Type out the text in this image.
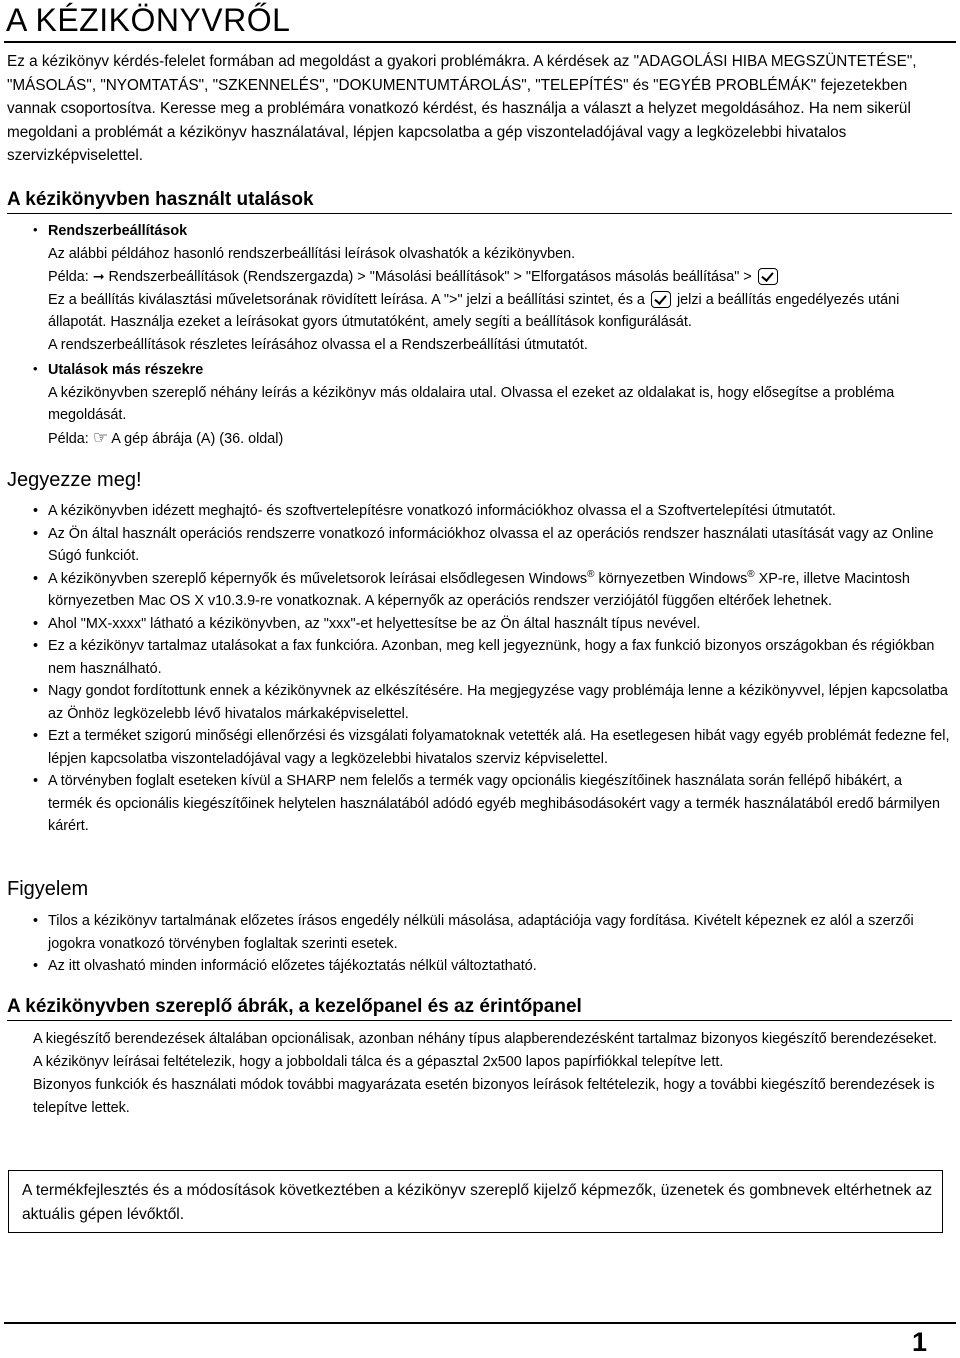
A KÉZIKÖNYVRŐL

Ez a kézikönyv kérdés-felelet formában ad megoldást a gyakori problémákra. A kérdések az "ADAGOLÁSI HIBA MEGSZÜNTETÉSE", "MÁSOLÁS", "NYOMTATÁS", "SZKENNELÉS", "DOKUMENTUMTÁROLÁS", "TELEPÍTÉS" és "EGYÉB PROBLÉMÁK" fejezetekben vannak csoportosítva. Keresse meg a problémára vonatkozó kérdést, és használja a választ a helyzet megoldásához. Ha nem sikerül megoldani a problémát a kézikönyv használatával, lépjen kapcsolatba a gép viszonteladójával vagy a legközelebbi hivatalos szervizképviselettel.

A kézikönyvben használt utalások
• Rendszerbeállítások

Az alábbi példához hasonló rendszerbeállítási leírások olvashatók a kézikönyvben.

Példa: ➞ Rendszerbeállítások (Rendszergazda) > "Másolási beállítások" > "Elforgatásos másolás beállítása" >

Ez a beállítás kiválasztási műveletsorának rövidített leírása. A ">" jelzi a beállítási szintet, és a jelzi a beállítás engedélyezés utáni állapotát. Használja ezeket a leírásokat gyors útmutatóként, amely segíti a beállítások konfigurálását.

A rendszerbeállítások részletes leírásához olvassa el a Rendszerbeállítási útmutatót.

• Utalások más részekre

A kézikönyvben szereplő néhány leírás a kézikönyv más oldalaira utal. Olvassa el ezeket az oldalakat is, hogy elősegítse a probléma megoldását.

Példa: ☞ A gép ábrája (A) (36. oldal)

Jegyezze meg!
• A kézikönyvben idézett meghajtó- és szoftvertelepítésre vonatkozó információkhoz olvassa el a Szoftvertelepítési útmutatót.
• Az Ön által használt operációs rendszerre vonatkozó információkhoz olvassa el az operációs rendszer használati utasítását vagy az Online Súgó funkciót.
• A kézikönyvben szereplő képernyők és műveletsorok leírásai elsődlegesen Windows® környezetben Windows® XP-re, illetve Macintosh környezetben Mac OS X v10.3.9-re vonatkoznak. A képernyők az operációs rendszer verziójától függően eltérőek lehetnek.
• Ahol "MX-xxxx" látható a kézikönyvben, az "xxx"-et helyettesítse be az Ön által használt típus nevével.
• Ez a kézikönyv tartalmaz utalásokat a fax funkcióra. Azonban, meg kell jegyeznünk, hogy a fax funkció bizonyos országokban és régiókban nem használható.
• Nagy gondot fordítottunk ennek a kézikönyvnek az elkészítésére. Ha megjegyzése vagy problémája lenne a kézikönyvvel, lépjen kapcsolatba az Önhöz legközelebb lévő hivatalos márkaképviselettel.
• Ezt a terméket szigorú minőségi ellenőrzési és vizsgálati folyamatoknak vetették alá. Ha esetlegesen hibát vagy egyéb problémát fedezne fel, lépjen kapcsolatba viszonteladójával vagy a legközelebbi hivatalos szerviz képviselettel.
• A törvényben foglalt eseteken kívül a SHARP nem felelős a termék vagy opcionális kiegészítőinek használata során fellépő hibákért, a termék és opcionális kiegészítőinek helytelen használatából adódó egyéb meghibásodásokért vagy a termék használatából eredő bármilyen kárért.
Figyelem
• Tilos a kézikönyv tartalmának előzetes írásos engedély nélküli másolása, adaptációja vagy fordítása. Kivételt képeznek ez alól a szerzői jogokra vonatkozó törvényben foglaltak szerinti esetek.
• Az itt olvasható minden információ előzetes tájékoztatás nélkül változtatható.
A kézikönyvben szereplő ábrák, a kezelőpanel és az érintőpanel

A kiegészítő berendezések általában opcionálisak, azonban néhány típus alapberendezésként tartalmaz bizonyos kiegészítő berendezéseket.

A kézikönyv leírásai feltételezik, hogy a jobboldali tálca és a gépasztal 2x500 lapos papírfiókkal telepítve lett.

Bizonyos funkciók és használati módok további magyarázata esetén bizonyos leírások feltételezik, hogy a további kiegészítő berendezések is telepítve lettek.

A termékfejlesztés és a módosítások következtében a kézikönyv szereplő kijelző képmezők, üzenetek és gombnevek eltérhetnek az aktuális gépen lévőktől.

1
